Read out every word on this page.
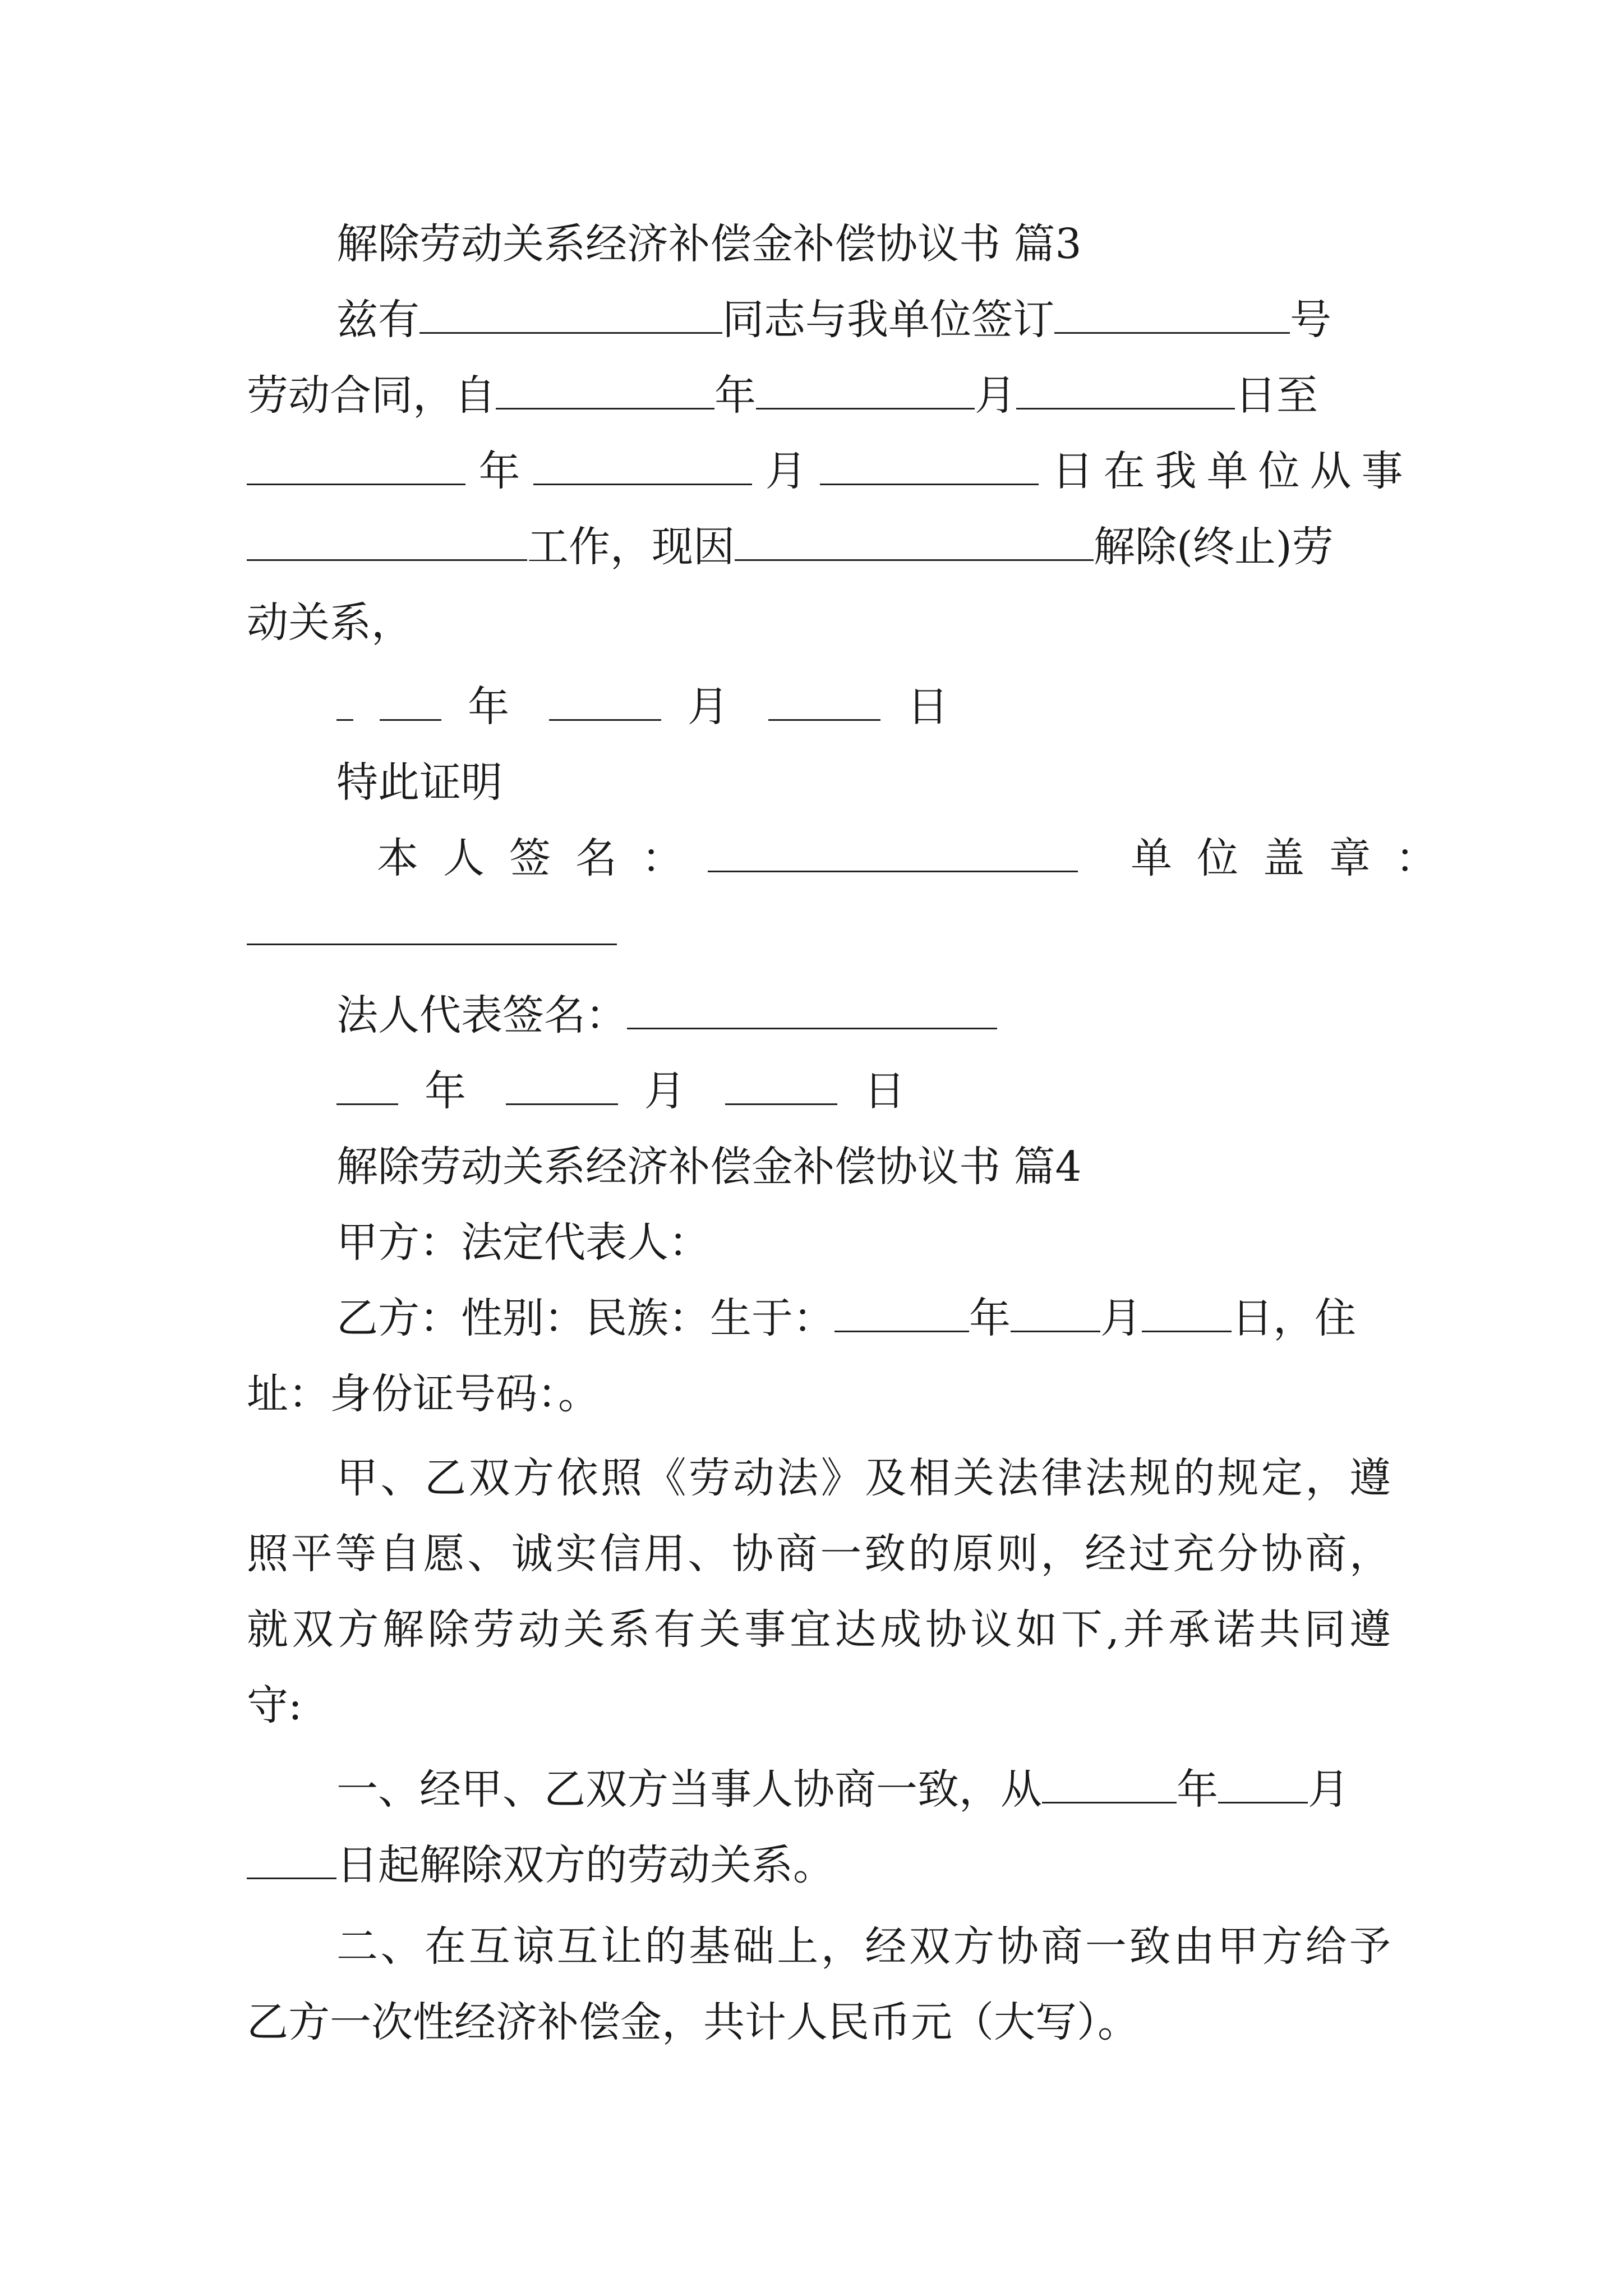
解除劳动关系经济补偿金补偿协议书 篇3
兹有	同志与我单位签订	号
劳动合同，自	年	月	日至
年	月	日在我单位从事
工作，现因	解除(终止)劳
动关系，
年	月	日
特此证明
本人签名：	单位盖章：
法人代表签名：
年	月	日
解除劳动关系经济补偿金补偿协议书 篇4
甲方：法定代表人：
乙方：性别：民族：生于：	年 月 日，住
址：身份证号码：。
甲、乙双方依照《劳动法》及相关法律法规的规定，遵
照平等自愿、诚实信用、协商一致的原则，经过充分协商，
就双方解除劳动关系有关事宜达成协议如下,并承诺共同遵
守:
一、经甲、乙双方当事人协商一致，从	年 月
日起解除双方的劳动关系。
二、在互谅互让的基础上，经双方协商一致由甲方给予
乙方一次性经济补偿金，共计人民币元（大写）。
